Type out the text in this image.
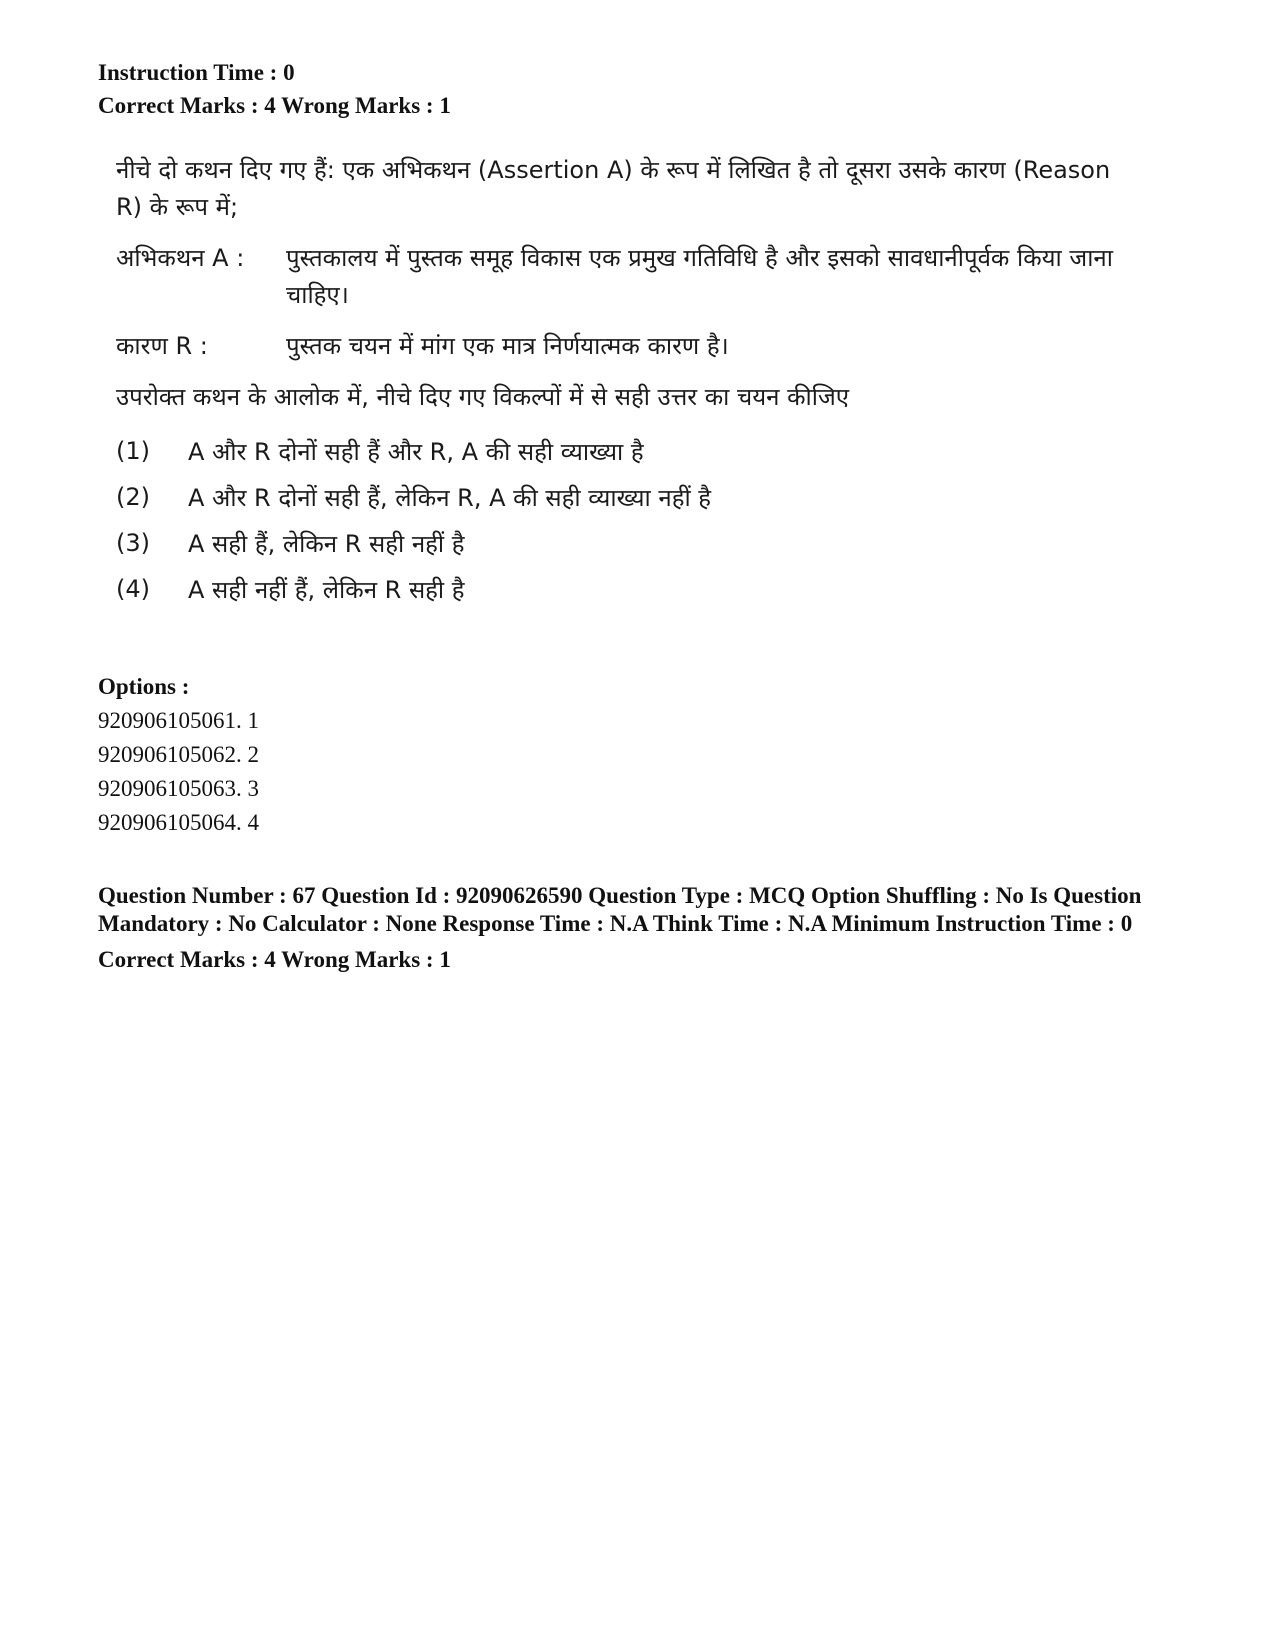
Instruction Time : 0
Correct Marks : 4 Wrong Marks : 1

नीचे दो कथन दिए गए हैं: एक अभिकथन (Assertion A) के रूप में लिखित है तो दूसरा उसके कारण (Reason R) के रूप में;

अभिकथन A :	पुस्तकालय में पुस्तक समूह विकास एक प्रमुख गतिविधि है और इसको सावधानीपूर्वक किया जाना चाहिए।
कारण R :	पुस्तक चयन में मांग एक मात्र निर्णयात्मक कारण है।
उपरोक्त कथन के आलोक में, नीचे दिए गए विकल्पों में से सही उत्तर का चयन कीजिए
(1)	A और R दोनों सही हैं और R, A की सही व्याख्या है
(2)	A और R दोनों सही हैं, लेकिन R, A की सही व्याख्या नहीं है
(3)	A सही हैं, लेकिन R सही नहीं है
(4)	A सही नहीं हैं, लेकिन R सही है
Options :
920906105061. 1
920906105062. 2
920906105063. 3
920906105064. 4
Question Number : 67 Question Id : 92090626590 Question Type : MCQ Option Shuffling : No Is Question Mandatory : No Calculator : None Response Time : N.A Think Time : N.A Minimum Instruction Time : 0
Correct Marks : 4 Wrong Marks : 1
